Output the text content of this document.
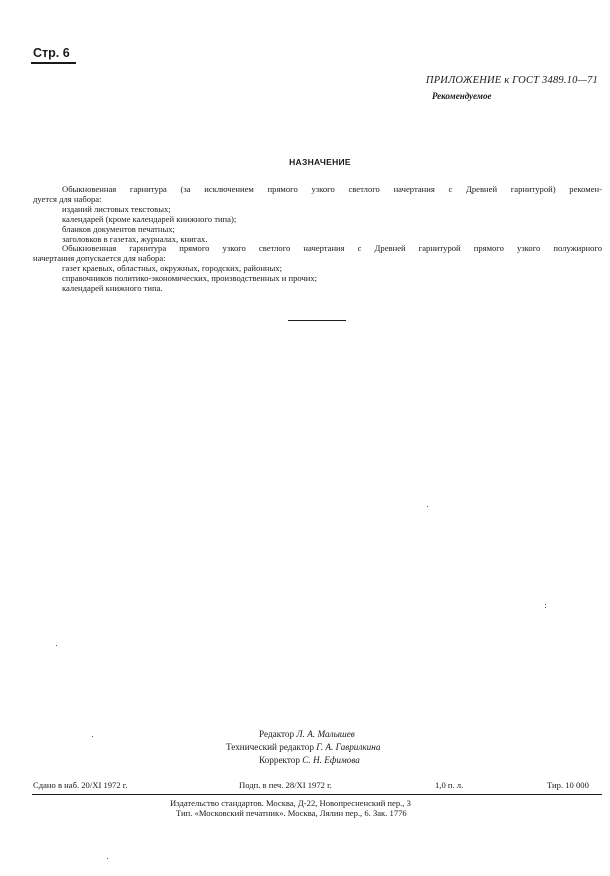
Стр. 6
ПРИЛОЖЕНИЕ к ГОСТ 3489.10—71
Рекомендуемое
НАЗНАЧЕНИЕ
Обыкновенная гарнитура (за исключением прямого узкого светлого начертания с Древней гарнитурой) рекомен-
дуется для набора:
изданий листовых текстовых;
календарей (кроме календарей книжного типа);
бланков документов печатных;
заголовков в газетах, журналах, книгах.
Обыкновенная гарнитура прямого узкого светлого начертания с Древней гарнитурой прямого узкого полужирного
начертания допускается для набора:
газет краевых, областных, окружных, городских, районных;
справочников политико-экономических, производственных и прочих;
календарей книжного типа.
Редактор Л. А. Малышев
Технический редактор Г. А. Гаврилкина
Корректор С. Н. Ефимова
Сдано в наб. 20/XI 1972 г.	Подп. в печ. 28/XI 1972 г.	1,0 п. л.	Тир. 10 000
Издательство стандартов. Москва, Д-22, Новопресненский пер., 3
Тип. «Московский печатник». Москва, Лялин пер., 6. Зак. 1776
